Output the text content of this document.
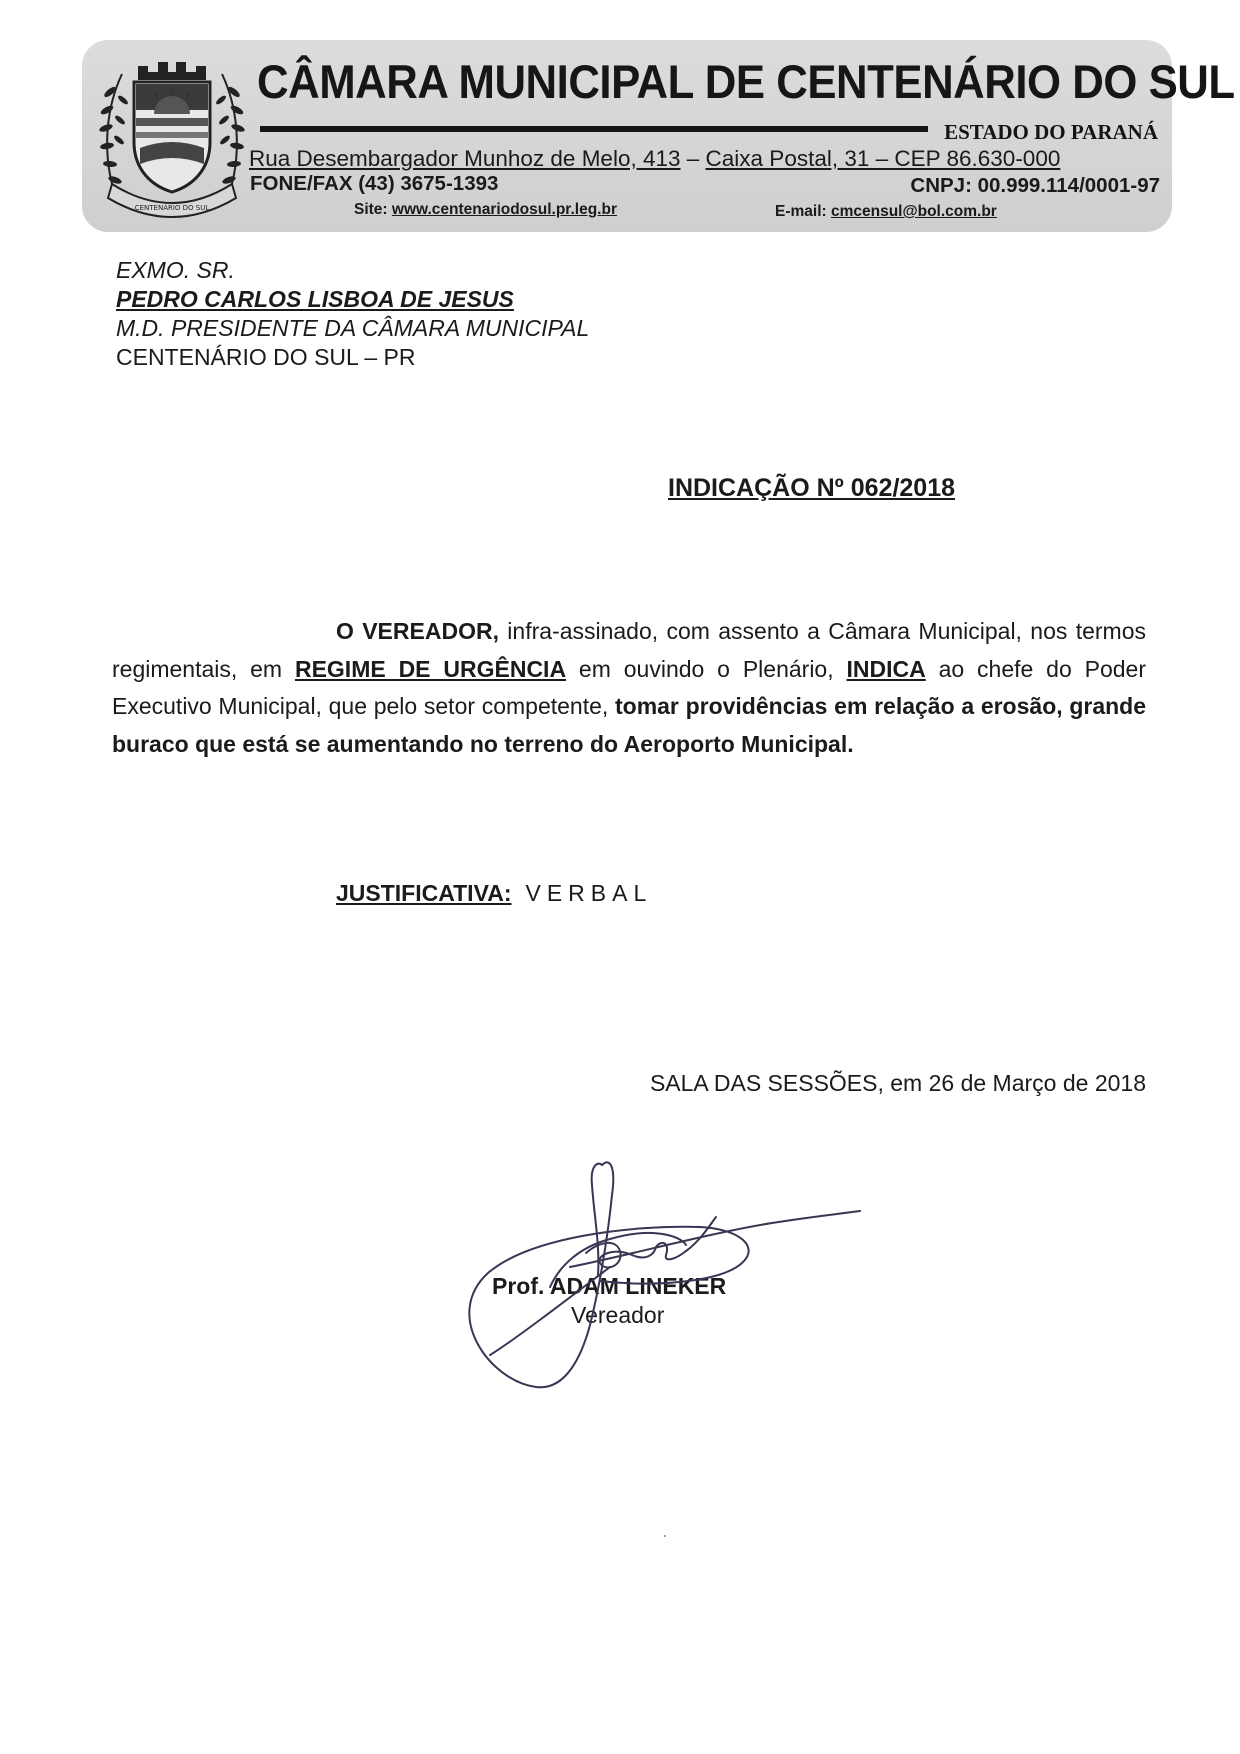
CENTENÁRIO DO SUL
CÂMARA MUNICIPAL DE CENTENÁRIO DO SUL
ESTADO DO PARANÁ
Rua Desembargador Munhoz de Melo, 413 – Caixa Postal, 31 – CEP 86.630-000
FONE/FAX (43) 3675-1393	CNPJ: 00.999.114/0001-97
Site: www.centenariodosul.pr.leg.br	E-mail: cmcensul@bol.com.br
EXMO. SR.
PEDRO CARLOS LISBOA DE JESUS
M.D. PRESIDENTE DA CÂMARA MUNICIPAL
CENTENÁRIO DO SUL – PR
INDICAÇÃO Nº 062/2018
O VEREADOR, infra-assinado, com assento a Câmara Municipal, nos termos regimentais, em REGIME DE URGÊNCIA em ouvindo o Plenário, INDICA ao chefe do Poder Executivo Municipal, que pelo setor competente, tomar providências em relação a erosão, grande buraco que está se aumentando no terreno do Aeroporto Municipal.
JUSTIFICATIVA: VERBAL
SALA DAS SESSÕES, em 26 de Março de 2018
Prof. ADAM LINEKER
Vereador
